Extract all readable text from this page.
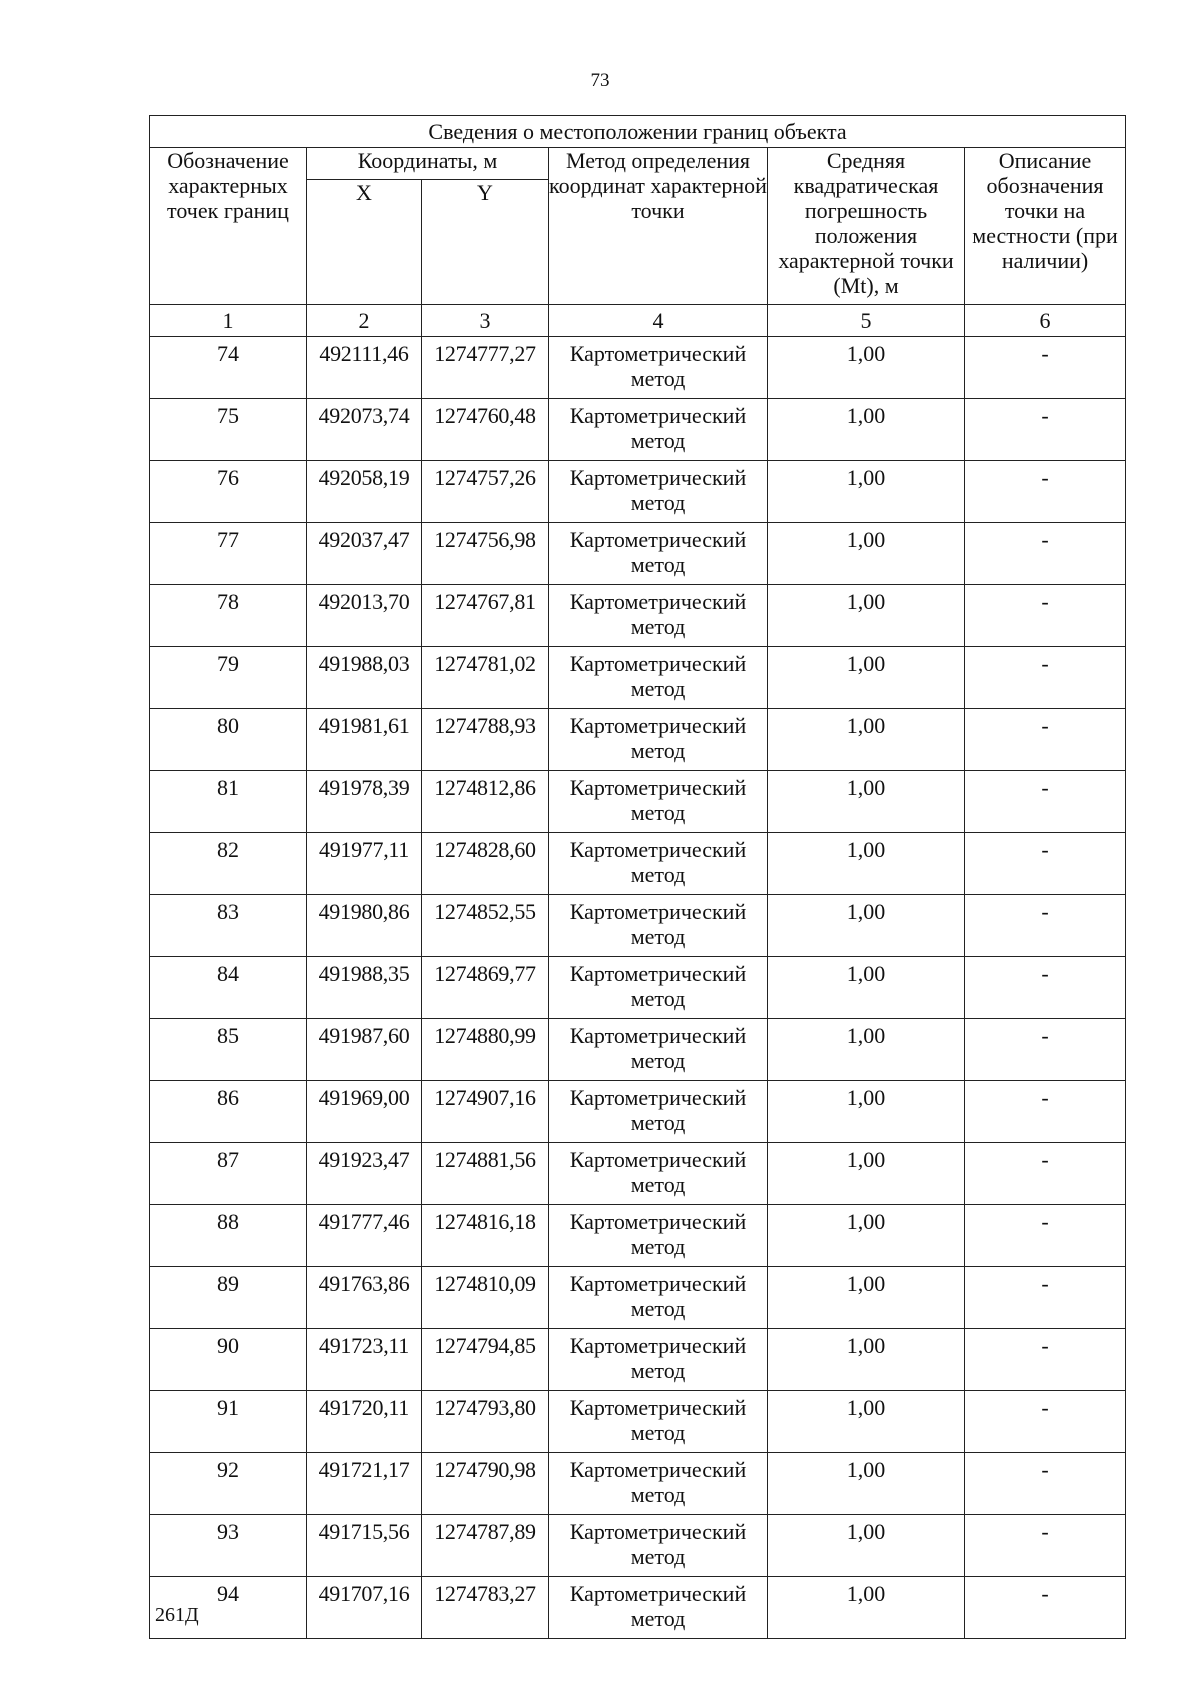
73
Сведения о местоположении границ объекта					
Обозначение характерных точек границ	Координаты, м		Метод определения координат характерной точки	Средняя квадратическая погрешность положения характерной точки (Mt), м	Описание обозначения точки на местности (при наличии)
	X	Y			
1	2	3	4	5	6
74	492111,46	1274777,27	Картометрический метод	1,00	-
75	492073,74	1274760,48	Картометрический метод	1,00	-
76	492058,19	1274757,26	Картометрический метод	1,00	-
77	492037,47	1274756,98	Картометрический метод	1,00	-
78	492013,70	1274767,81	Картометрический метод	1,00	-
79	491988,03	1274781,02	Картометрический метод	1,00	-
80	491981,61	1274788,93	Картометрический метод	1,00	-
81	491978,39	1274812,86	Картометрический метод	1,00	-
82	491977,11	1274828,60	Картометрический метод	1,00	-
83	491980,86	1274852,55	Картометрический метод	1,00	-
84	491988,35	1274869,77	Картометрический метод	1,00	-
85	491987,60	1274880,99	Картометрический метод	1,00	-
86	491969,00	1274907,16	Картометрический метод	1,00	-
87	491923,47	1274881,56	Картометрический метод	1,00	-
88	491777,46	1274816,18	Картометрический метод	1,00	-
89	491763,86	1274810,09	Картометрический метод	1,00	-
90	491723,11	1274794,85	Картометрический метод	1,00	-
91	491720,11	1274793,80	Картометрический метод	1,00	-
92	491721,17	1274790,98	Картометрический метод	1,00	-
93	491715,56	1274787,89	Картометрический метод	1,00	-
94	491707,16	1274783,27	Картометрический метод	1,00	-
261Д
